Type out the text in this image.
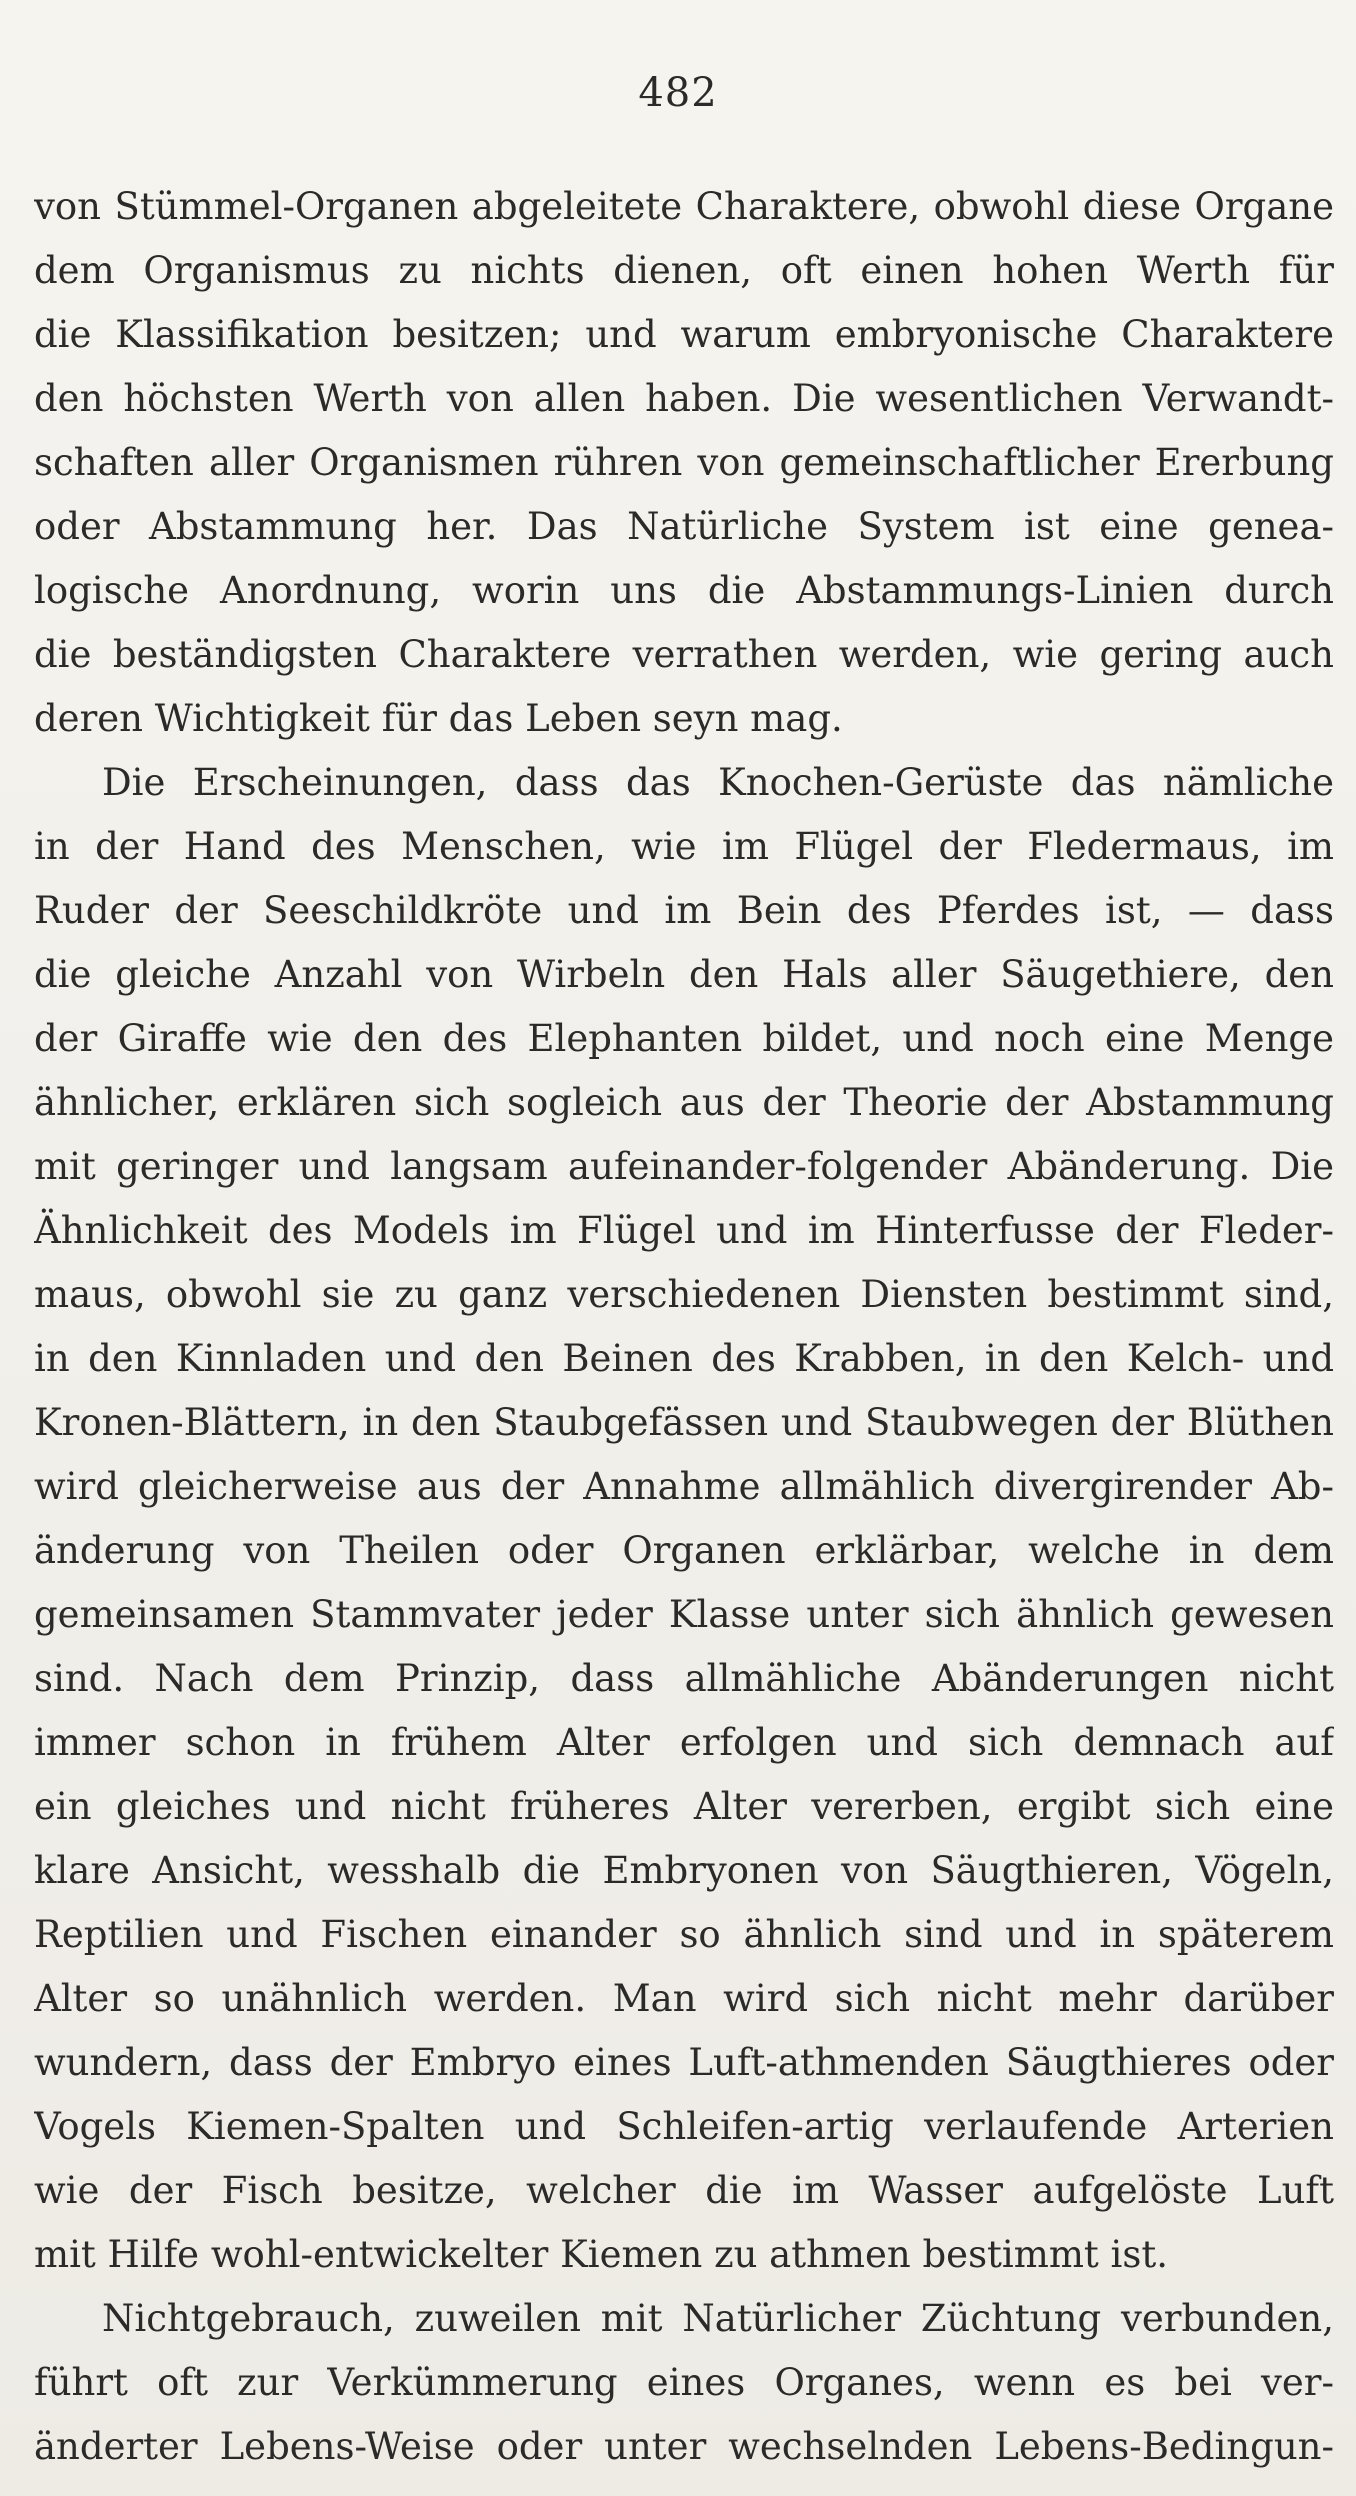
482
von Stümmel-Organen abgeleitete Charaktere, obwohl diese Organe
dem Organismus zu nichts dienen, oft einen hohen Werth für
die Klassifikation besitzen; und warum embryonische Charaktere
den höchsten Werth von allen haben. Die wesentlichen Verwandt-
schaften aller Organismen rühren von gemeinschaftlicher Ererbung
oder Abstammung her. Das Natürliche System ist eine genea-
logische Anordnung, worin uns die Abstammungs-Linien durch
die beständigsten Charaktere verrathen werden, wie gering auch
deren Wichtigkeit für das Leben seyn mag.
Die Erscheinungen, dass das Knochen-Gerüste das nämliche
in der Hand des Menschen, wie im Flügel der Fledermaus, im
Ruder der Seeschildkröte und im Bein des Pferdes ist, — dass
die gleiche Anzahl von Wirbeln den Hals aller Säugethiere, den
der Giraffe wie den des Elephanten bildet, und noch eine Menge
ähnlicher, erklären sich sogleich aus der Theorie der Abstammung
mit geringer und langsam aufeinander-folgender Abänderung. Die
Ähnlichkeit des Models im Flügel und im Hinterfusse der Fleder-
maus, obwohl sie zu ganz verschiedenen Diensten bestimmt sind,
in den Kinnladen und den Beinen des Krabben, in den Kelch- und
Kronen-Blättern, in den Staubgefässen und Staubwegen der Blüthen
wird gleicherweise aus der Annahme allmählich divergirender Ab-
änderung von Theilen oder Organen erklärbar, welche in dem
gemeinsamen Stammvater jeder Klasse unter sich ähnlich gewesen
sind. Nach dem Prinzip, dass allmähliche Abänderungen nicht
immer schon in frühem Alter erfolgen und sich demnach auf
ein gleiches und nicht früheres Alter vererben, ergibt sich eine
klare Ansicht, wesshalb die Embryonen von Säugthieren, Vögeln,
Reptilien und Fischen einander so ähnlich sind und in späterem
Alter so unähnlich werden. Man wird sich nicht mehr darüber
wundern, dass der Embryo eines Luft-athmenden Säugthieres oder
Vogels Kiemen-Spalten und Schleifen-artig verlaufende Arterien
wie der Fisch besitze, welcher die im Wasser aufgelöste Luft
mit Hilfe wohl-entwickelter Kiemen zu athmen bestimmt ist.
Nichtgebrauch, zuweilen mit Natürlicher Züchtung verbunden,
führt oft zur Verkümmerung eines Organes, wenn es bei ver-
änderter Lebens-Weise oder unter wechselnden Lebens-Bedingun-
